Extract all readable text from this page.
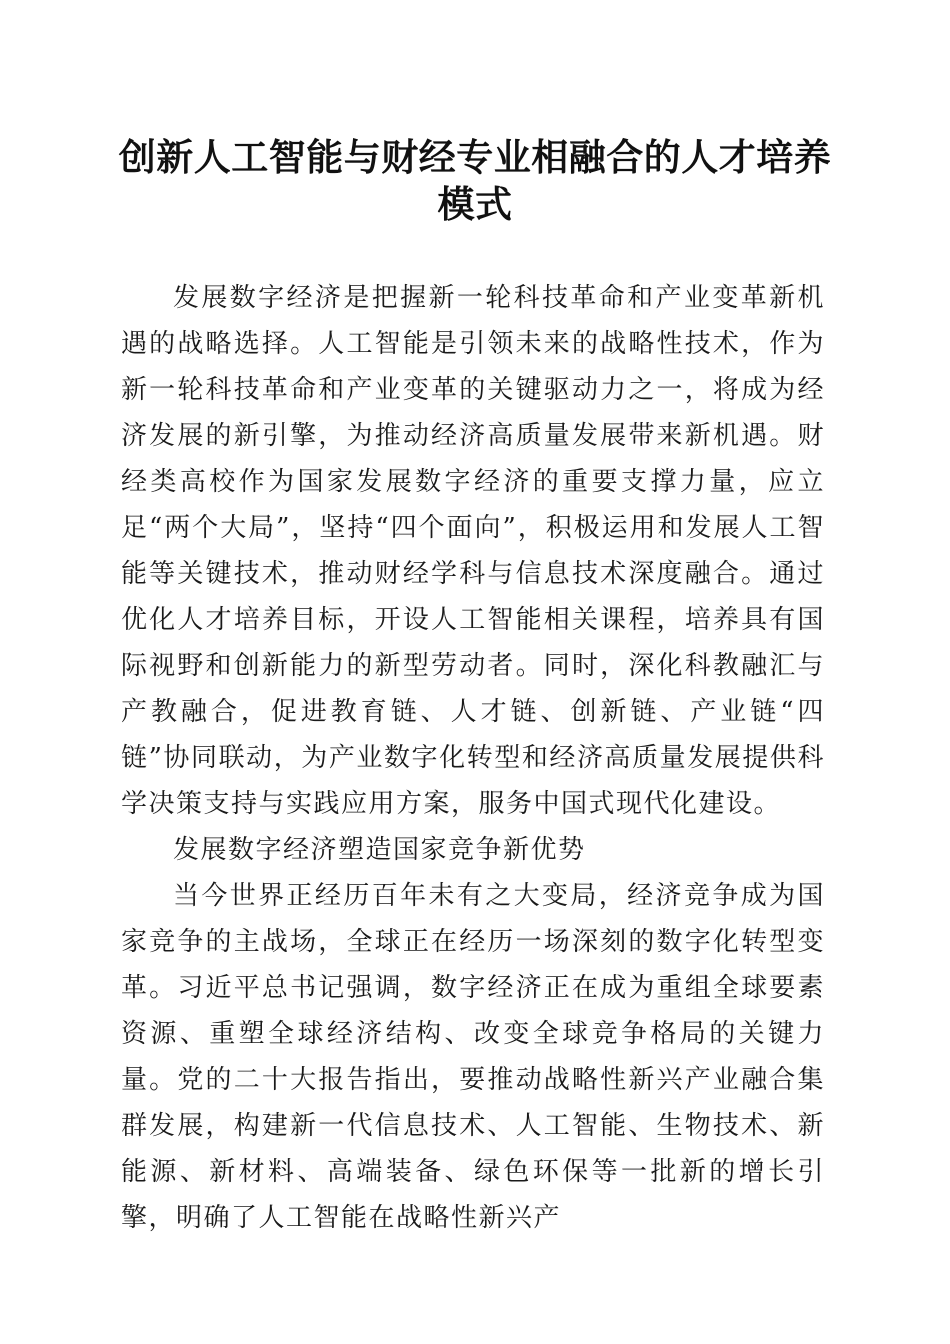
创新人工智能与财经专业相融合的人才培养模式

发展数字经济是把握新一轮科技革命和产业变革新机遇的战略选择。人工智能是引领未来的战略性技术，作为新一轮科技革命和产业变革的关键驱动力之一，将成为经济发展的新引擎，为推动经济高质量发展带来新机遇。财经类高校作为国家发展数字经济的重要支撑力量，应立足“两个大局”，坚持“四个面向”，积极运用和发展人工智能等关键技术，推动财经学科与信息技术深度融合。通过优化人才培养目标，开设人工智能相关课程，培养具有国际视野和创新能力的新型劳动者。同时，深化科教融汇与产教融合，促进教育链、人才链、创新链、产业链“四链”协同联动，为产业数字化转型和经济高质量发展提供科学决策支持与实践应用方案，服务中国式现代化建设。

发展数字经济塑造国家竞争新优势

当今世界正经历百年未有之大变局，经济竞争成为国家竞争的主战场，全球正在经历一场深刻的数字化转型变革。习近平总书记强调，数字经济正在成为重组全球要素资源、重塑全球经济结构、改变全球竞争格局的关键力量。党的二十大报告指出，要推动战略性新兴产业融合集群发展，构建新一代信息技术、人工智能、生物技术、新能源、新材料、高端装备、绿色环保等一批新的增长引擎，明确了人工智能在战略性新兴产
